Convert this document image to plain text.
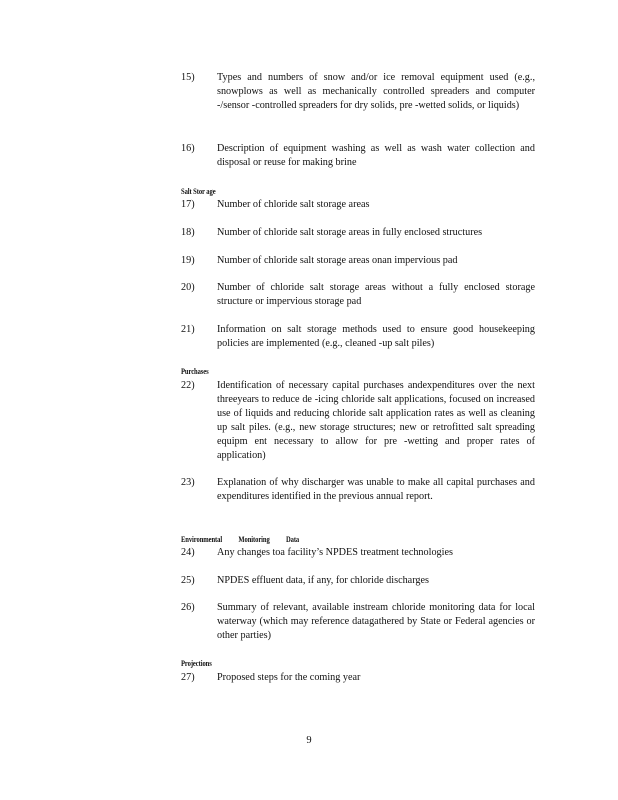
15)	Types and numbers of snow and/or ice removal equipment used (e.g., snowplows as well as mechanically controlled spreaders and computer -/sensor -controlled spreaders for dry solids, pre -wetted solids, or liquids)
16)	Description of equipment washing as well as wash water collection and disposal or reuse for making brine
Salt Stor age
17)	Number of chloride salt storage areas
18)	Number of chloride salt storage areas in fully enclosed structures
19)	Number of chloride salt storage areas onan impervious pad
20)	Number of chloride salt storage areas without a fully enclosed storage structure or impervious storage pad
21)	Information on salt storage methods used to ensure good housekeeping policies are implemented (e.g., cleaned -up salt piles)
Purchases
22)	Identification of necessary capital purchases andexpenditures over the next threeyears to reduce de -icing chloride salt applications, focused on increased use of liquids and reducing chloride salt application rates as well as cleaning up salt piles. (e.g., new storage structures; new or retrofitted salt spreading equipm ent necessary to allow for pre -wetting and proper rates of application)
23)	Explanation of why discharger was unable to make all capital purchases and expenditures identified in the previous annual report.
Environmental Monitoring Data
24)	Any changes toa facility’s NPDES treatment technologies
25)	NPDES effluent data, if any, for chloride discharges
26)	Summary of relevant, available instream chloride monitoring data for local waterway (which may reference datagathered by State or Federal agencies or other parties)
Projections
27)	Proposed steps for the coming year
9
